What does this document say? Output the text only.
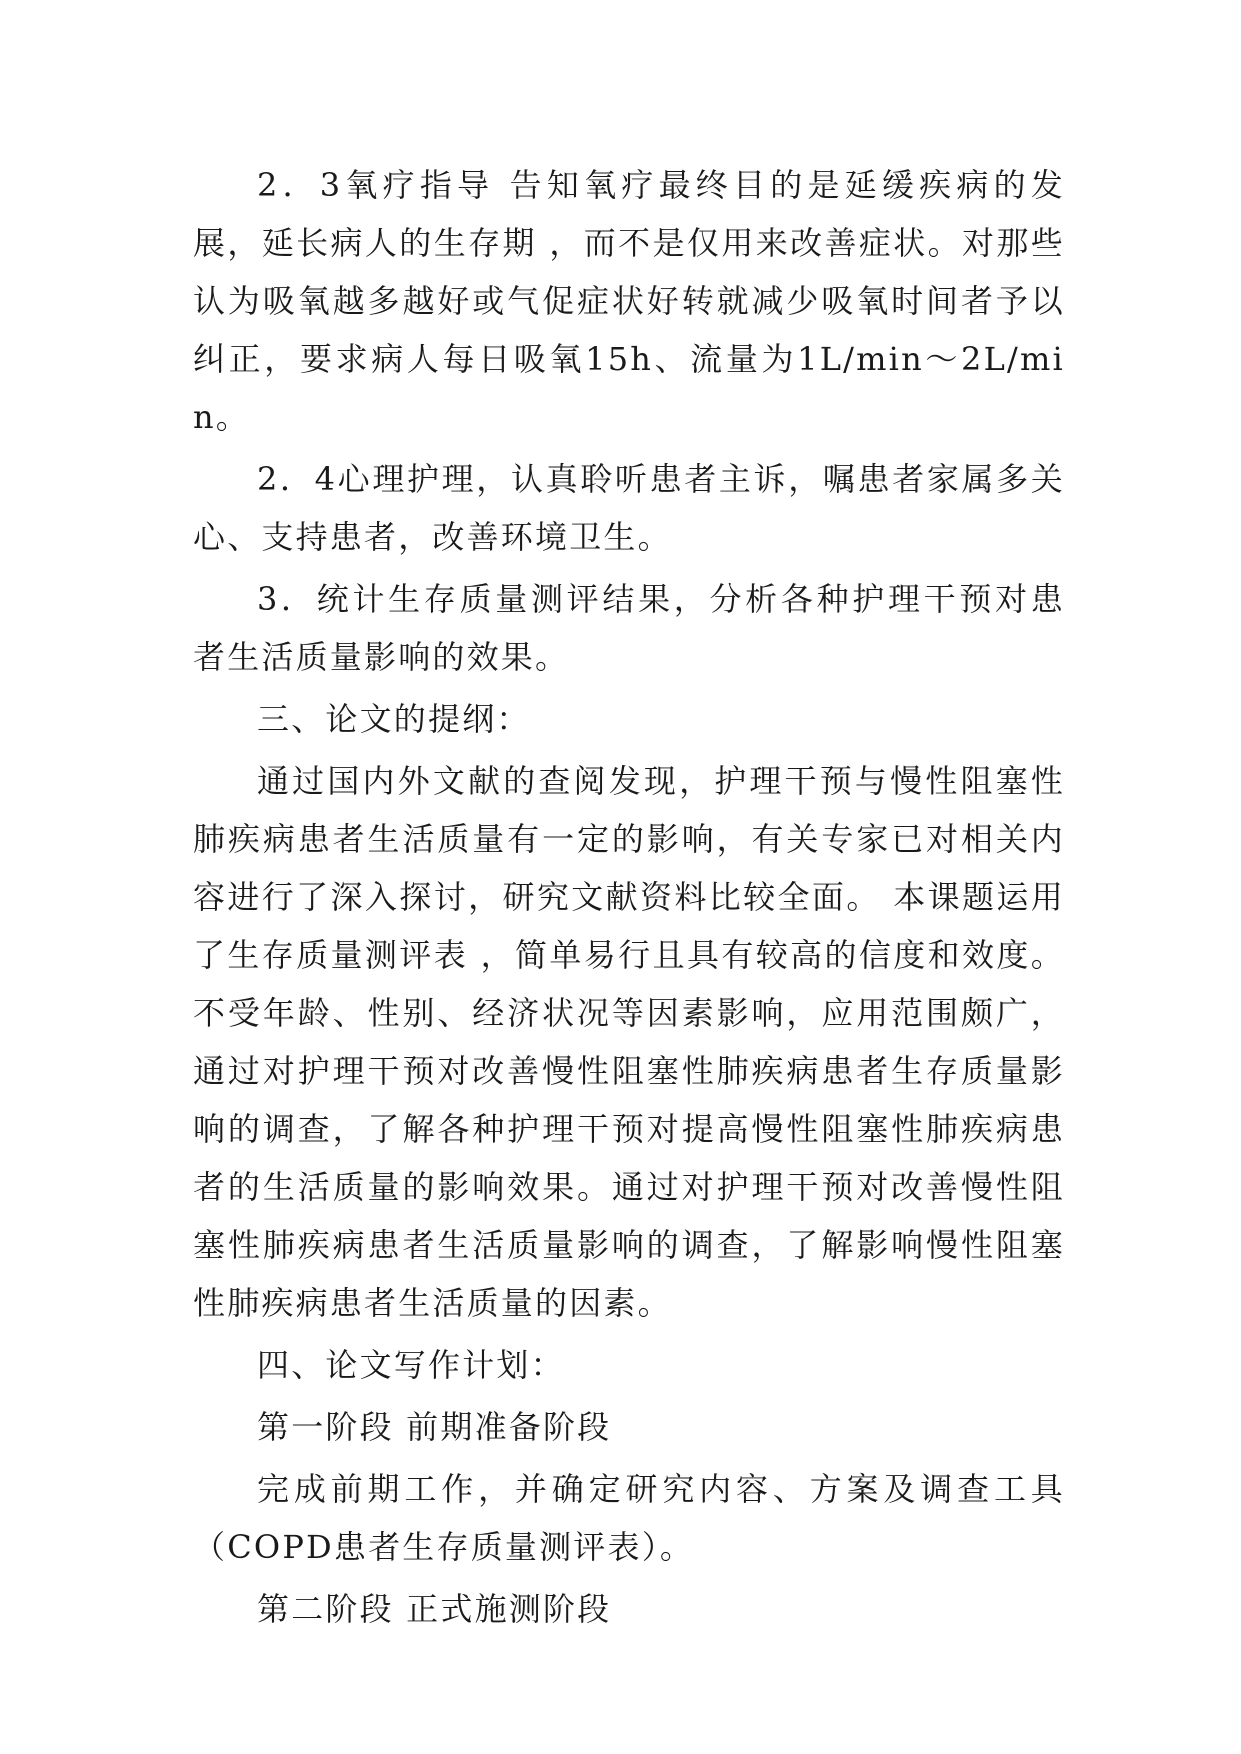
2．3氧疗指导 告知氧疗最终目的是延缓疾病的发展，延长病人的生存期 ，而不是仅用来改善症状。对那些认为吸氧越多越好或气促症状好转就减少吸氧时间者予以纠正，要求病人每日吸氧15h、流量为1L/min～2L/min。

2．4心理护理，认真聆听患者主诉，嘱患者家属多关心、支持患者，改善环境卫生。

3．统计生存质量测评结果，分析各种护理干预对患者生活质量影响的效果。

三、论文的提纲：

通过国内外文献的查阅发现，护理干预与慢性阻塞性肺疾病患者生活质量有一定的影响，有关专家已对相关内容进行了深入探讨，研究文献资料比较全面。 本课题运用了生存质量测评表 ，简单易行且具有较高的信度和效度。不受年龄、性别、经济状况等因素影响，应用范围颇广，通过对护理干预对改善慢性阻塞性肺疾病患者生存质量影响的调查，了解各种护理干预对提高慢性阻塞性肺疾病患者的生活质量的影响效果。通过对护理干预对改善慢性阻塞性肺疾病患者生活质量影响的调查，了解影响慢性阻塞性肺疾病患者生活质量的因素。

四、论文写作计划：

第一阶段 前期准备阶段

完成前期工作，并确定研究内容、方案及调查工具（COPD患者生存质量测评表）。

第二阶段 正式施测阶段
